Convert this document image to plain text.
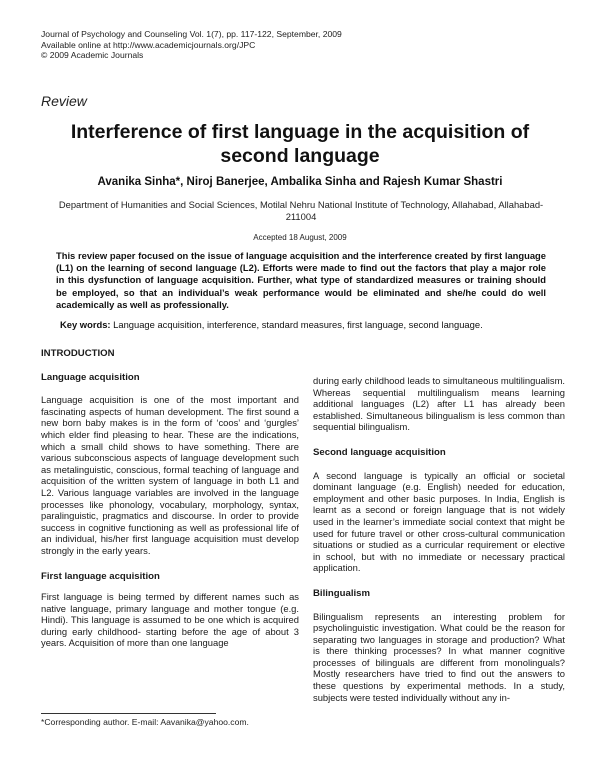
Journal of Psychology and Counseling Vol. 1(7), pp. 117-122, September, 2009
Available online at http://www.academicjournals.org/JPC
© 2009 Academic Journals
Review
Interference of first language in the acquisition of
second language
Avanika Sinha*, Niroj Banerjee, Ambalika Sinha and Rajesh Kumar Shastri
Department of Humanities and Social Sciences, Motilal Nehru National Institute of Technology, Allahabad, Allahabad-
211004
Accepted 18 August, 2009
This review paper focused on the issue of language acquisition and the interference created by first language (L1) on the learning of second language (L2). Efforts were made to find out the factors that play a major role in this dysfunction of language acquisition. Further, what type of standardized measures or training should be employed, so that an individual’s weak performance would be eliminated and she/he could do well academically as well as professionally.
Key words: Language acquisition, interference, standard measures, first language, second language.
INTRODUCTION
Language acquisition

Language acquisition is one of the most important and fascinating aspects of human development. The first sound a new born baby makes is in the form of ‘coos’ and ‘gurgles’ which elder find pleasing to hear. These are the indications, which a small child shows to have something. There are various subconscious aspects of language development such as metalinguistic, conscious, formal teaching of language and acquisition of the written system of language in both L1 and L2. Various language variables are involved in the language processes like phonology, vocabulary, morphology, syntax, paralinguistic, pragmatics and discourse. In order to provide success in cognitive functioning as well as professional life of an individual, his/her first language acquisition must develop strongly in the early years.

First language acquisition

First language is being termed by different names such as native language, primary language and mother tongue (e.g. Hindi). This language is assumed to be one which is acquired during early childhood- starting before the age of about 3 years. Acquisition of more than one language

during early childhood leads to simultaneous multilingualism. Whereas sequential multilingualism means learning additional languages (L2) after L1 has already been established. Simultaneous bilingualism is less common than sequential bilingualism.

Second language acquisition

A second language is typically an official or societal dominant language (e.g. English) needed for education, employment and other basic purposes. In India, English is learnt as a second or foreign language that is not widely used in the learner’s immediate social context that might be used for future travel or other cross-cultural communication situations or studied as a curricular requirement or elective in school, but with no immediate or necessary practical application.

Bilingualism

Bilingualism represents an interesting problem for psycholinguistic investigation. What could be the reason for separating two languages in storage and production? What is there thinking processes? In what manner cognitive processes of bilinguals are different from monolinguals? Mostly researchers have tried to find out the answers to these questions by experimental methods. In a study, subjects were tested individually without any in-

*Corresponding author. E-mail: Aavanika@yahoo.com.
